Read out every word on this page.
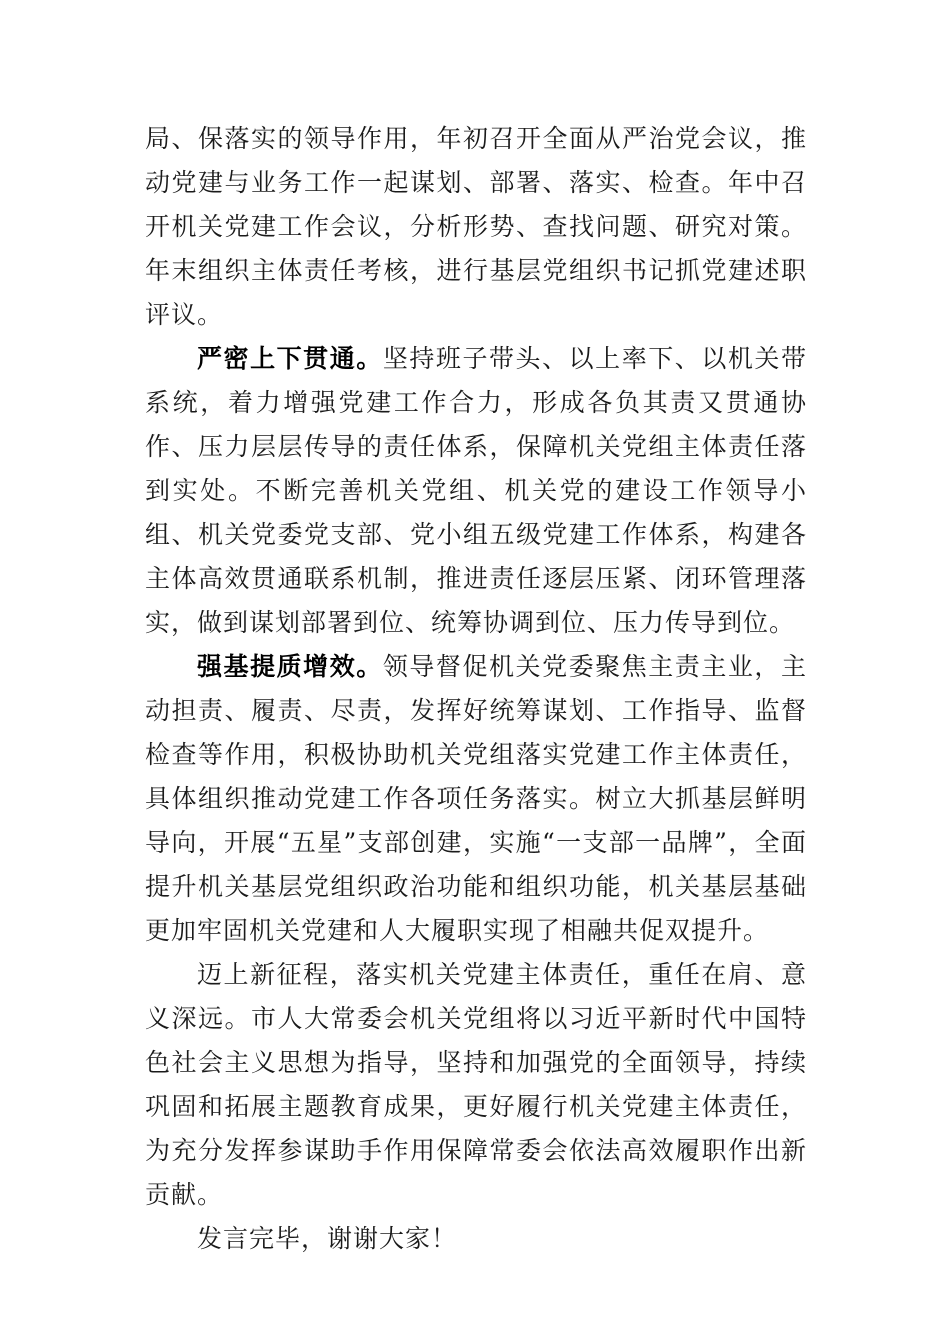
局、保落实的领导作用，年初召开全面从严治党会议，推动党建与业务工作一起谋划、部署、落实、检查。年中召开机关党建工作会议，分析形势、查找问题、研究对策。年末组织主体责任考核，进行基层党组织书记抓党建述职评议。

严密上下贯通。坚持班子带头、以上率下、以机关带系统，着力增强党建工作合力，形成各负其责又贯通协作、压力层层传导的责任体系，保障机关党组主体责任落到实处。不断完善机关党组、机关党的建设工作领导小组、机关党委党支部、党小组五级党建工作体系，构建各主体高效贯通联系机制，推进责任逐层压紧、闭环管理落实，做到谋划部署到位、统筹协调到位、压力传导到位。

强基提质增效。领导督促机关党委聚焦主责主业，主动担责、履责、尽责，发挥好统筹谋划、工作指导、监督检查等作用，积极协助机关党组落实党建工作主体责任，具体组织推动党建工作各项任务落实。树立大抓基层鲜明导向，开展“五星”支部创建，实施“一支部一品牌”，全面提升机关基层党组织政治功能和组织功能，机关基层基础更加牢固机关党建和人大履职实现了相融共促双提升。

迈上新征程，落实机关党建主体责任，重任在肩、意义深远。市人大常委会机关党组将以习近平新时代中国特色社会主义思想为指导，坚持和加强党的全面领导，持续巩固和拓展主题教育成果，更好履行机关党建主体责任，为充分发挥参谋助手作用保障常委会依法高效履职作出新贡献。

发言完毕，谢谢大家！
